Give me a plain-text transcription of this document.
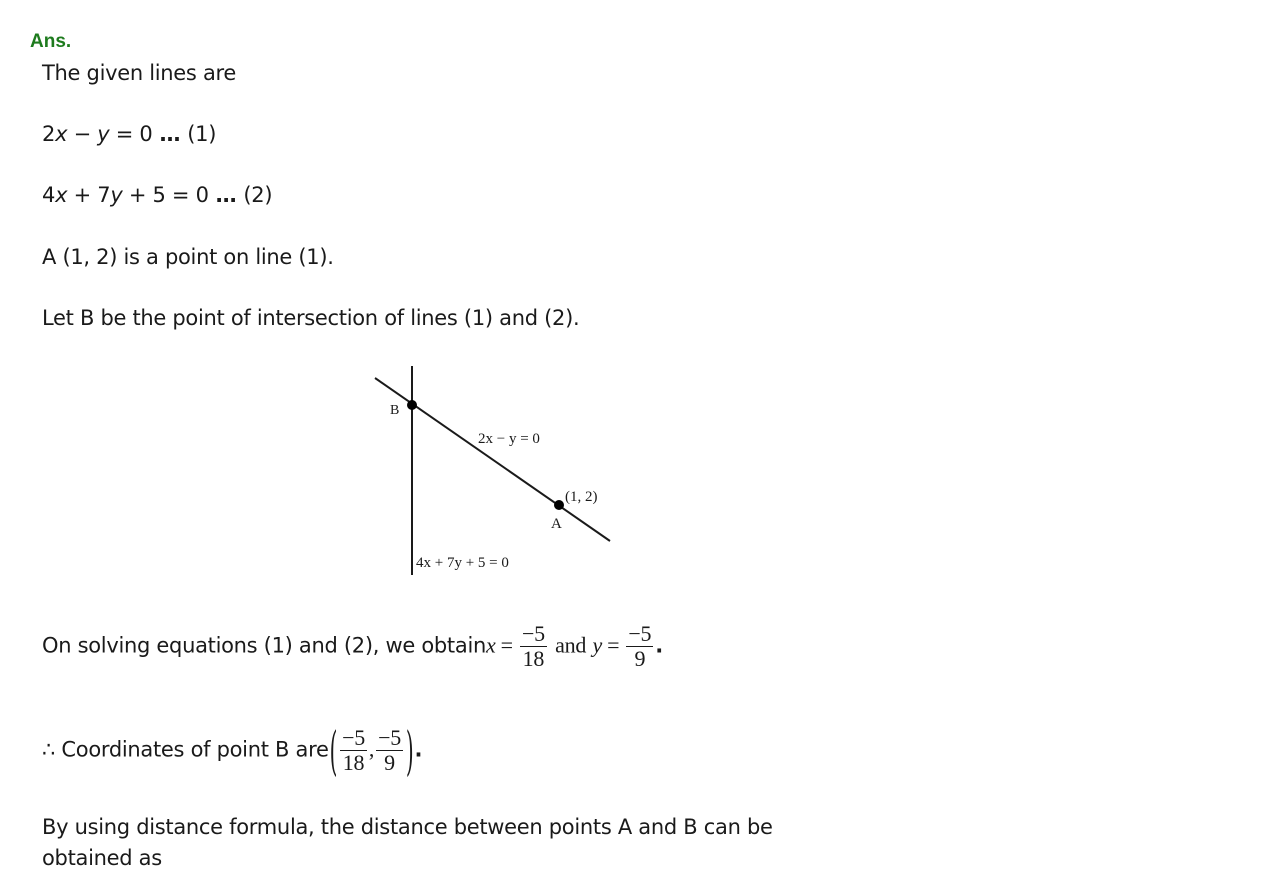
Ans.
The given lines are
2x − y = 0 … (1)
4x + 7y + 5 = 0 … (2)
A (1, 2) is a point on line (1).
Let B be the point of intersection of lines (1) and (2).
B
2x − y = 0
(1, 2)
A
4x + 7y + 5 = 0
On solving equations (1) and (2), we obtainx = $\frac{-5}{18}$ and $y = \frac{-5}{9}$ .
∴ Coordinates of point B $are( \frac{-5}{18}$ , $\frac{-5}{9}$ ).
By using distance formula, the distance between points A and B can be
obtained as
